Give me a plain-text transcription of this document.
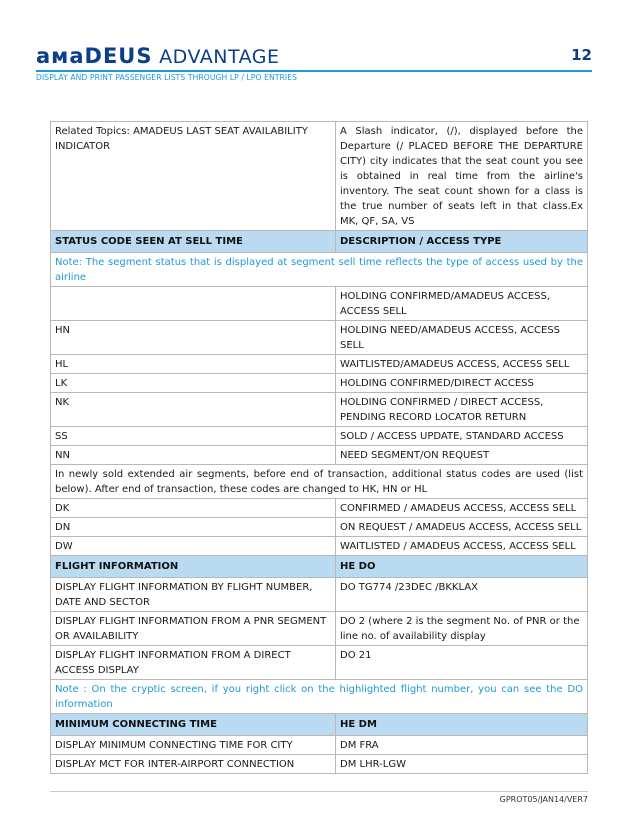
aмaDEUS ADVANTAGE	12
DISPLAY AND PRINT PASSENGER LISTS THROUGH LP / LPO ENTRIES
Related Topics: AMADEUS LAST SEAT AVAILABILITY INDICATOR	A Slash indicator, (/), displayed before the Departure (/ PLACED BEFORE THE DEPARTURE CITY) city indicates that the seat count you see is obtained in real time from the airline's inventory. The seat count shown for a class is the true number of seats left in that class.Ex MK, QF, SA, VS
STATUS CODE SEEN AT SELL TIME	DESCRIPTION / ACCESS TYPE
Note: The segment status that is displayed at segment sell time reflects the type of access used by the airline	
	HOLDING CONFIRMED/AMADEUS ACCESS, ACCESS SELL
HN	HOLDING NEED/AMADEUS ACCESS, ACCESS SELL
HL	WAITLISTED/AMADEUS ACCESS, ACCESS SELL
LK	HOLDING CONFIRMED/DIRECT ACCESS
NK	HOLDING CONFIRMED / DIRECT ACCESS, PENDING RECORD LOCATOR RETURN
SS	SOLD / ACCESS UPDATE, STANDARD ACCESS
NN	NEED SEGMENT/ON REQUEST
In newly sold extended air segments, before end of transaction, additional status codes are used (list below). After end of transaction, these codes are changed to HK, HN or HL	
DK	CONFIRMED / AMADEUS ACCESS, ACCESS SELL
DN	ON REQUEST / AMADEUS ACCESS, ACCESS SELL
DW	WAITLISTED / AMADEUS ACCESS, ACCESS SELL
FLIGHT INFORMATION	HE DO
DISPLAY FLIGHT INFORMATION BY FLIGHT NUMBER, DATE AND SECTOR	DO TG774 /23DEC /BKKLAX
DISPLAY FLIGHT INFORMATION FROM A PNR SEGMENT OR AVAILABILITY	DO 2 (where 2 is the segment No. of PNR or the line no. of availability display
DISPLAY FLIGHT INFORMATION FROM A DIRECT ACCESS DISPLAY	DO 21
Note : On the cryptic screen, if you right click on the highlighted flight number, you can see the DO information	
MINIMUM CONNECTING TIME	HE DM
DISPLAY MINIMUM CONNECTING TIME FOR CITY	DM FRA
DISPLAY MCT FOR INTER-AIRPORT CONNECTION	DM LHR-LGW
GPROT05/JAN14/VER7
